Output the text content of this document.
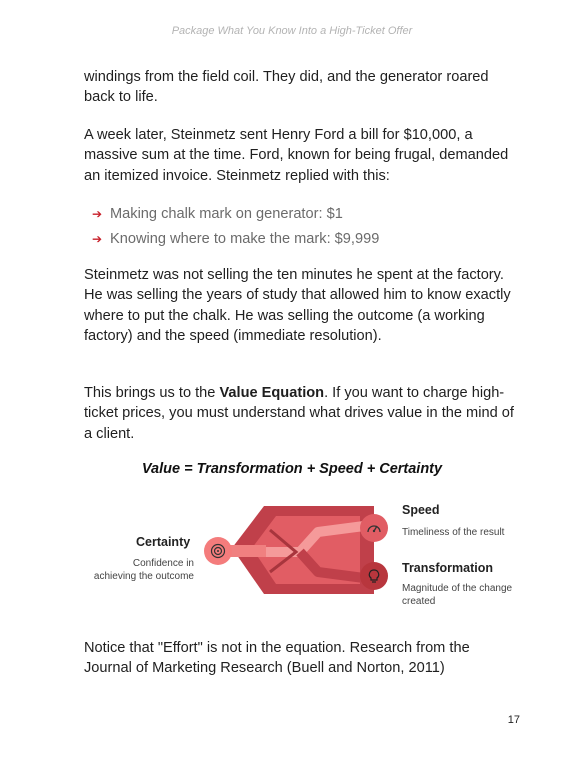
Package What You Know Into a High-Ticket Offer

windings from the field coil. They did, and the generator roared back to life.

A week later, Steinmetz sent Henry Ford a bill for $10,000, a massive sum at the time. Ford, known for being frugal, demanded an itemized invoice. Steinmetz replied with this:

➔ Making chalk mark on generator: $1
➔ Knowing where to make the mark: $9,999

Steinmetz was not selling the ten minutes he spent at the factory. He was selling the years of study that allowed him to know exactly where to put the chalk. He was selling the outcome (a working factory) and the speed (immediate resolution).

This brings us to the Value Equation. If you want to charge high-ticket prices, you must understand what drives value in the mind of a client.

Value = Transformation + Speed + Certainty
Certainty
Confidence in
achieving the outcome
Speed
Timeliness of the result
Transformation
Magnitude of the change
created

Notice that "Effort" is not in the equation. Research from the Journal of Marketing Research (Buell and Norton, 2011)

17
